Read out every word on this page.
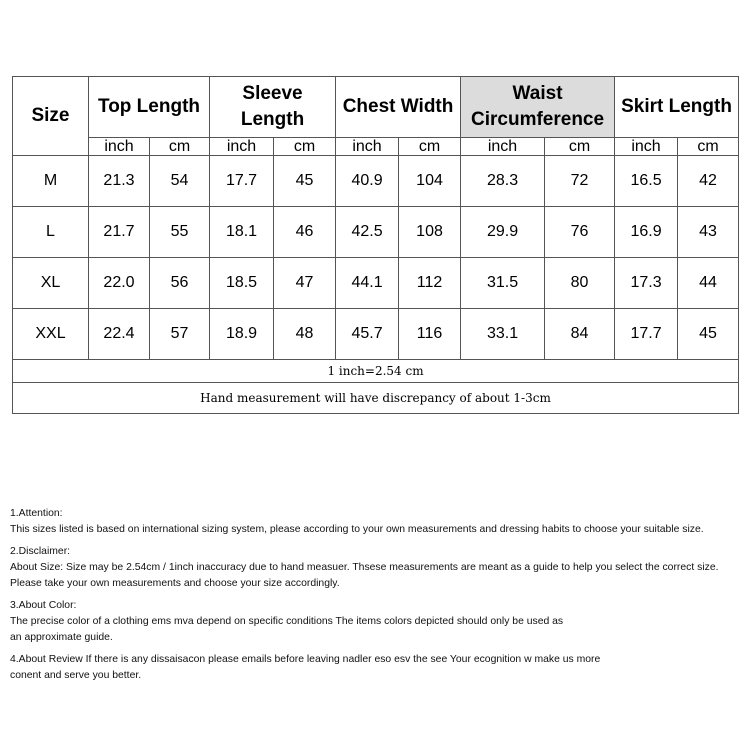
Size	Top Length		Sleeve Length		Chest Width		Waist Circumference		Skirt Length	
	inch	cm	inch	cm	inch	cm	inch	cm	inch	cm
M	21.3	54	17.7	45	40.9	104	28.3	72	16.5	42
L	21.7	55	18.1	46	42.5	108	29.9	76	16.9	43
XL	22.0	56	18.5	47	44.1	112	31.5	80	17.3	44
XXL	22.4	57	18.9	48	45.7	116	33.1	84	17.7	45
1 inch=2.54 cm										
Hand measurement will have discrepancy of about 1-3cm										
1.Attention:
This sizes listed is based on international sizing system, please according to your own measurements and dressing habits to choose your suitable size.
2.Disclaimer:
About Size: Size may be 2.54cm / 1inch inaccuracy due to hand measuer. Thsese measurements are meant as a guide to help you select the correct size.
Please take your own measurements and choose your size accordingly.
3.About Color:
The precise color of a clothing ems mva depend on specific conditions The items colors depicted should only be used as
an approximate guide.
4.About Review If there is any dissaisacon please emails before leaving nadler eso esv the see Your ecognition w make us more
conent and serve you better.
